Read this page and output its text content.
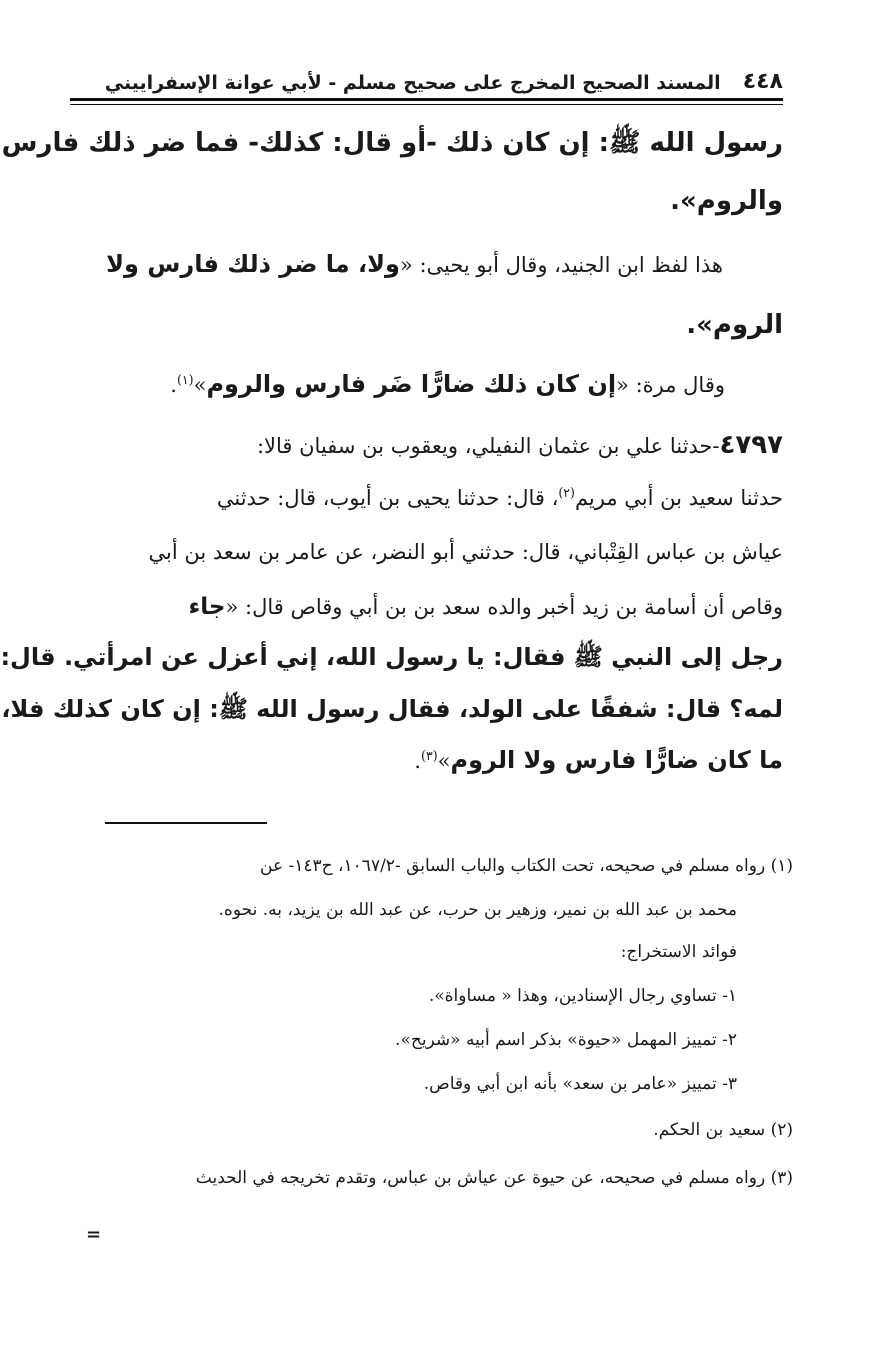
٤٤٨
المسند الصحيح المخرج على صحيح مسلم - لأبي عوانة الإسفراييني
رسول الله ﷺ: إن كان ذلك -أو قال: كذلك- فما ضر ذلك فارس
والروم».
هذا لفظ ابن الجنيد، وقال أبو يحيى: «ولا، ما ضر ذلك فارس ولا
الروم».
وقال مرة: «إن كان ذلك ضارًّا ضَر فارس والروم»$^{(١)}$.
٤٧٩٧-حدثنا علي بن عثمان النفيلي، ويعقوب بن سفيان قالا:
حدثنا سعيد بن أبي مريم$^{(٢)}$، قال: حدثنا يحيى بن أيوب، قال: حدثني
عياش بن عباس القِتْباني، قال: حدثني أبو النضر، عن عامر بن سعد بن أبي
وقاص أن أسامة بن زيد أخبر والده سعد بن بن أبي وقاص قال: «جاء
رجل إلى النبي ﷺ فقال: يا رسول الله، إني أعزل عن امرأتي. قال:
لمه؟ قال: شفقًا على الولد، فقال رسول الله ﷺ: إن كان كذلك فلا،
ما كان ضارًّا فارس ولا الروم»$^{(٣)}$.
(١) رواه مسلم في صحيحه، تحت الكتاب والباب السابق -١٠٦٧/٢، ح١٤٣- عن
محمد بن عبد الله بن نمير، وزهير بن حرب، عن عبد الله بن يزيد، به. نحوه.
فوائد الاستخراج:
١- تساوي رجال الإسنادين، وهذا « مساواة».
٢- تمييز المهمل «حيوة» بذكر اسم أبيه «شريح».
٣- تمييز «عامر بن سعد» بأنه ابن أبي وقاص.
(٢) سعيد بن الحكم.
(٣) رواه مسلم في صحيحه، عن حيوة عن عياش بن عباس، وتقدم تخريجه في الحديث
=
